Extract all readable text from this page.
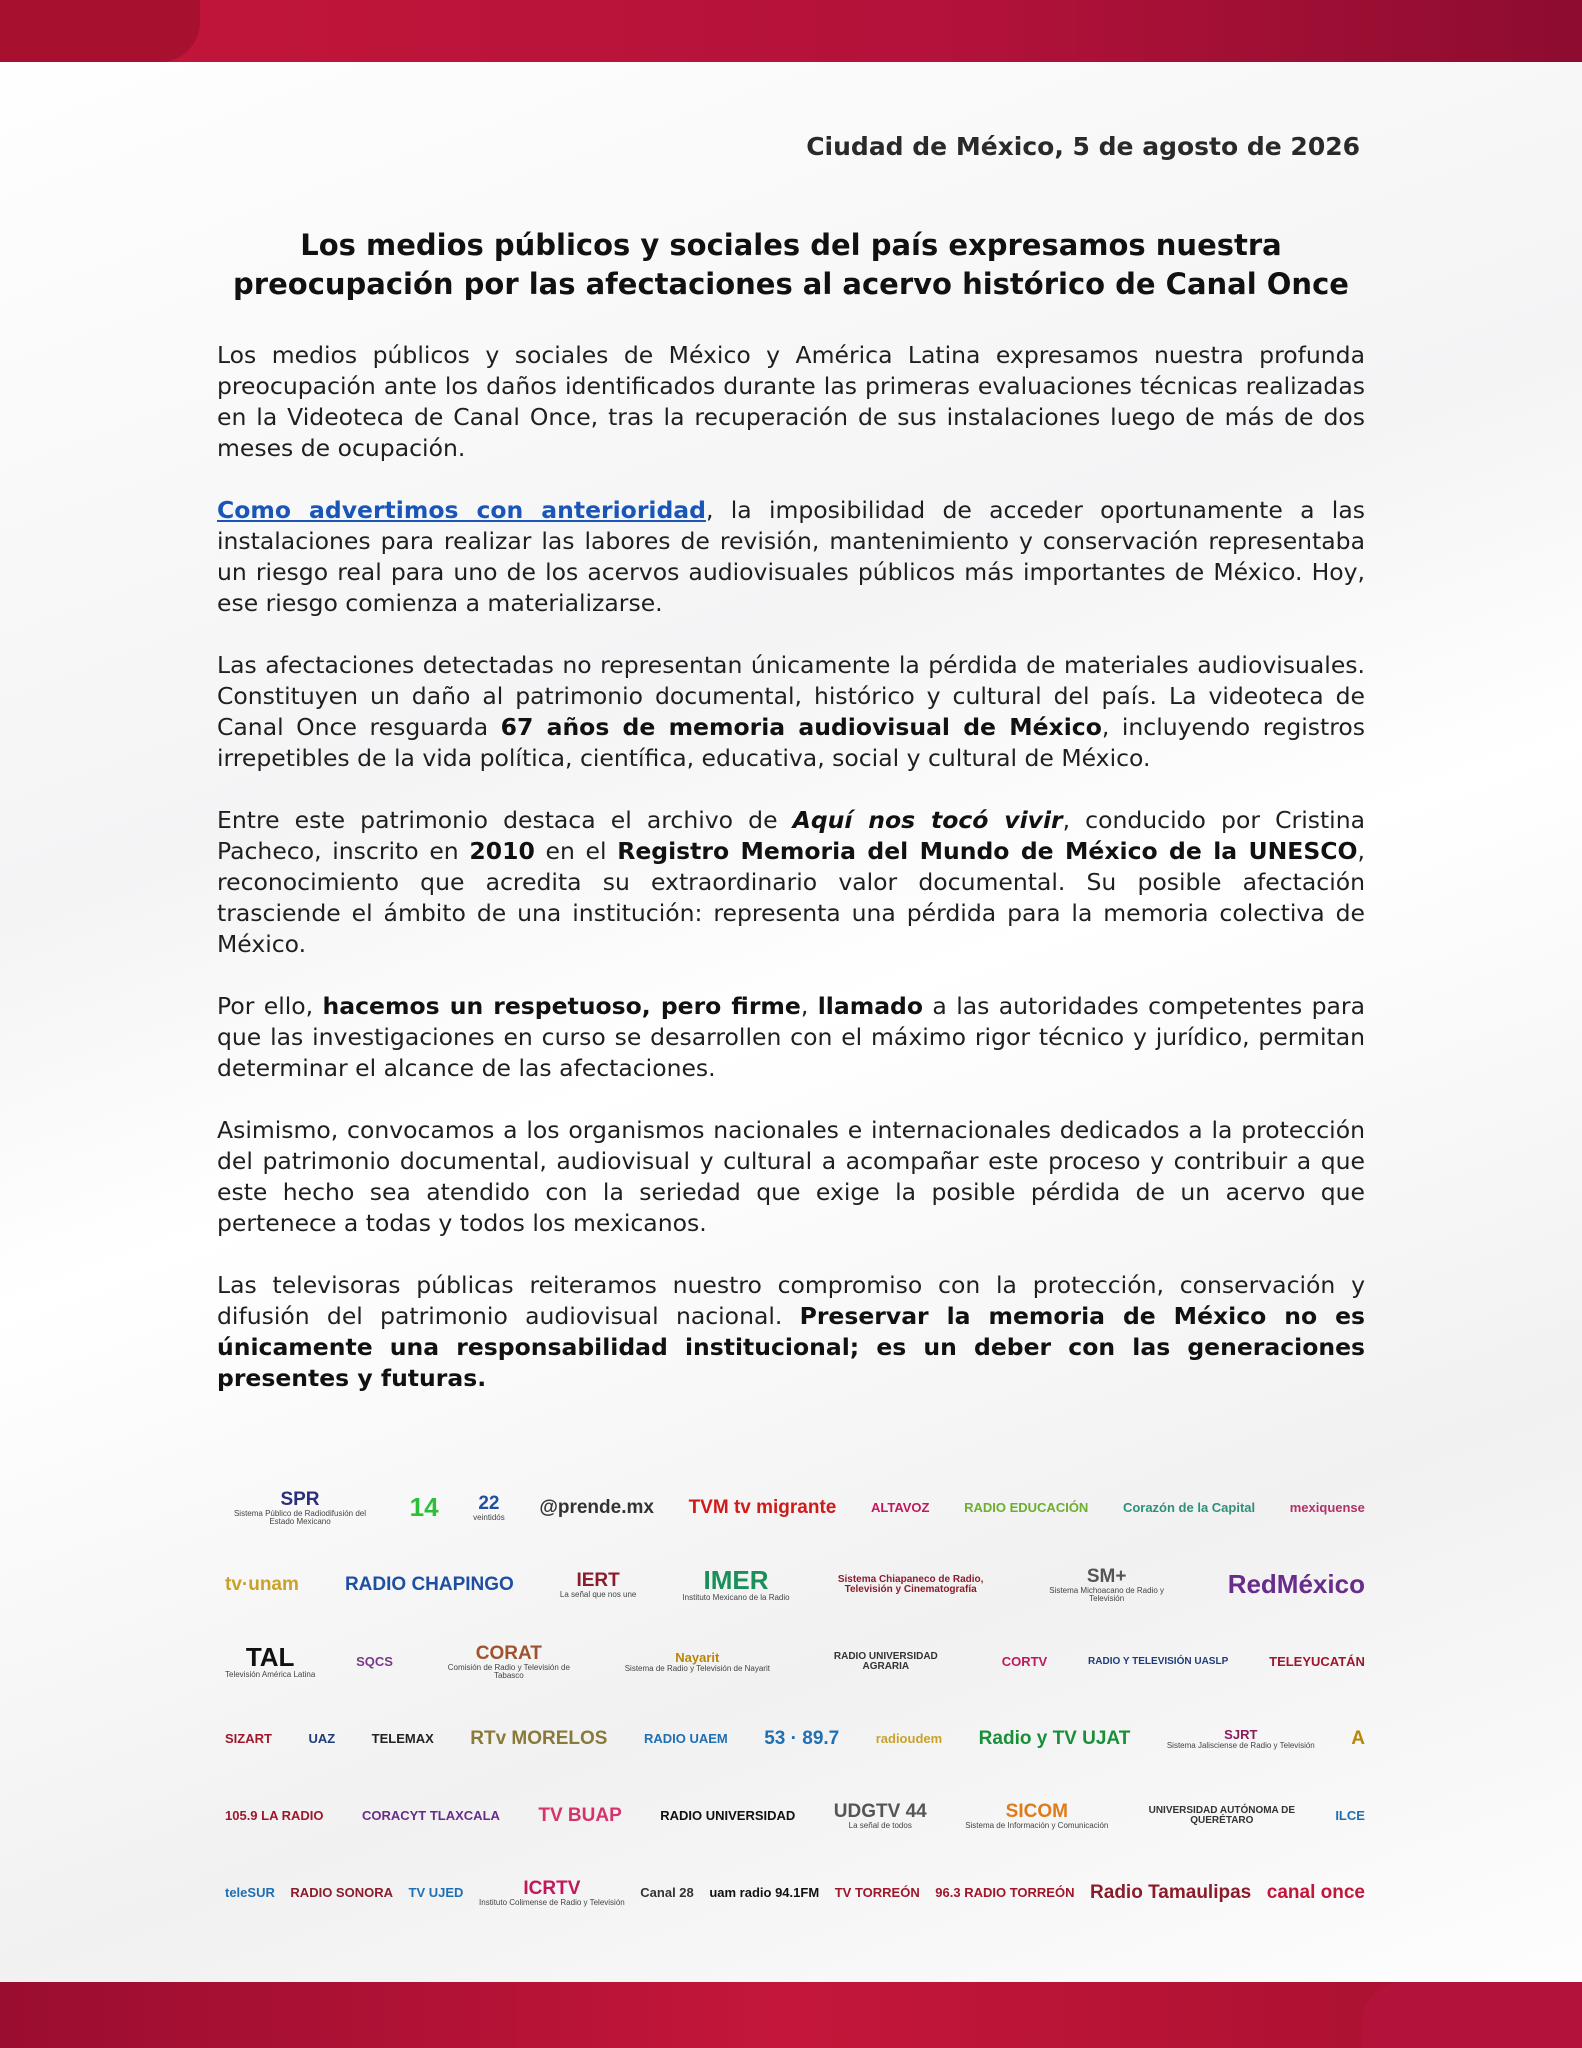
Ciudad de México, 5 de agosto de 2026
Los medios públicos y sociales del país expresamos nuestra
preocupación por las afectaciones al acervo histórico de Canal Once

Los medios públicos y sociales de México y América Latina expresamos nuestra profunda preocupación ante los daños identificados durante las primeras evaluaciones técnicas realizadas en la Videoteca de Canal Once, tras la recuperación de sus instalaciones luego de más de dos meses de ocupación.

Como advertimos con anterioridad, la imposibilidad de acceder oportunamente a las instalaciones para realizar las labores de revisión, mantenimiento y conservación representaba un riesgo real para uno de los acervos audiovisuales públicos más importantes de México. Hoy, ese riesgo comienza a materializarse.

Las afectaciones detectadas no representan únicamente la pérdida de materiales audiovisuales. Constituyen un daño al patrimonio documental, histórico y cultural del país. La videoteca de Canal Once resguarda 67 años de memoria audiovisual de México, incluyendo registros irrepetibles de la vida política, científica, educativa, social y cultural de México.

Entre este patrimonio destaca el archivo de Aquí nos tocó vivir, conducido por Cristina Pacheco, inscrito en 2010 en el Registro Memoria del Mundo de México de la UNESCO, reconocimiento que acredita su extraordinario valor documental. Su posible afectación trasciende el ámbito de una institución: representa una pérdida para la memoria colectiva de México.

Por ello, hacemos un respetuoso, pero firme, llamado a las autoridades competentes para que las investigaciones en curso se desarrollen con el máximo rigor técnico y jurídico, permitan determinar el alcance de las afectaciones.

Asimismo, convocamos a los organismos nacionales e internacionales dedicados a la protección del patrimonio documental, audiovisual y cultural a acompañar este proceso y contribuir a que este hecho sea atendido con la seriedad que exige la posible pérdida de un acervo que pertenece a todas y todos los mexicanos.

Las televisoras públicas reiteramos nuestro compromiso con la protección, conservación y difusión del patrimonio audiovisual nacional. Preservar la memoria de México no es únicamente una responsabilidad institucional; es un deber con las generaciones presentes y futuras.

SPR
Sistema Público de Radiodifusión del Estado Mexicano	14 22
veintidós @prende.mx TVM tv migrante	ALTAVOZ	RADIO EDUCACIÓN	Corazón de la Capital	mexiquense
tv·unam RADIO CHAPINGO	IERT
La señal que nos une	IMER
Instituto Mexicano de la Radio
Sistema Chiapaneco de Radio, Televisión y Cinematografía
SM+
Sistema Michoacano de Radio y Televisión	RedMéxico
TAL
Televisión América Latina
SQCS	CORAT
Comisión de Radio y Televisión de Tabasco
Nayarit
Sistema de Radio y Televisión de Nayarit
RADIO UNIVERSIDAD AGRARIA	CORTV	RADIO Y TELEVISIÓN UASLP	TELEYUCATÁN
SIZART	UAZ	TELEMAX RTv MORELOS	RADIO UAEM 53 · 89.7	radioudem Radio y TV UJAT	SJRT
Sistema Jalisciense de Radio y Televisión A
105.9 LA RADIO	CORACYT TLAXCALA TV BUAP	RADIO UNIVERSIDAD UDGTV 44
La señal de todos
SICOM
Sistema de Información y Comunicación
UNIVERSIDAD AUTÓNOMA DE QUERÉTARO	ILCE
teleSUR RADIO SONORA TV UJED	ICRTV
Instituto Colimense de Radio y Televisión
Canal 28 uam radio 94.1FM TV TORREÓN 96.3 RADIO TORREÓN Radio Tamaulipas canal once
